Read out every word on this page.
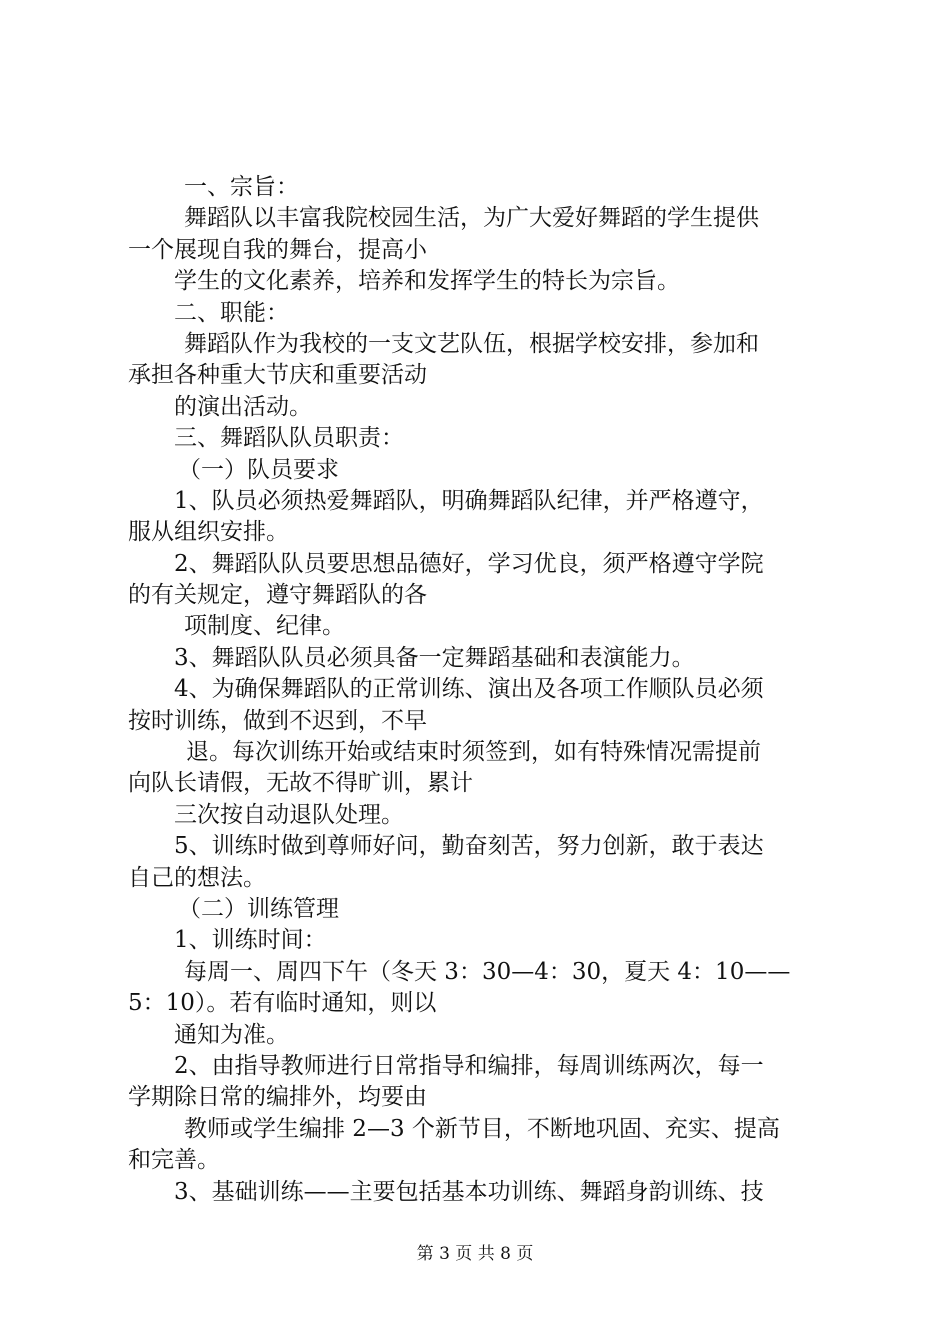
一、宗旨：
舞蹈队以丰富我院校园生活，为广大爱好舞蹈的学生提供
一个展现自我的舞台，提高小
学生的文化素养，培养和发挥学生的特长为宗旨。
二、职能：
舞蹈队作为我校的一支文艺队伍，根据学校安排，参加和
承担各种重大节庆和重要活动
的演出活动。
三、舞蹈队队员职责：
（一）队员要求
1、队员必须热爱舞蹈队，明确舞蹈队纪律，并严格遵守，
服从组织安排。
2、舞蹈队队员要思想品德好，学习优良，须严格遵守学院
的有关规定，遵守舞蹈队的各
项制度、纪律。
3、舞蹈队队员必须具备一定舞蹈基础和表演能力。
4、为确保舞蹈队的正常训练、演出及各项工作顺队员必须
按时训练，做到不迟到，不早
退。每次训练开始或结束时须签到，如有特殊情况需提前
向队长请假，无故不得旷训，累计
三次按自动退队处理。
5、训练时做到尊师好问，勤奋刻苦，努力创新，敢于表达
自己的想法。
（二）训练管理
1、训练时间：
每周一、周四下午（冬天 3：30—4：30，夏天 4：10——
5：10）。若有临时通知，则以
通知为准。
2、由指导教师进行日常指导和编排，每周训练两次，每一
学期除日常的编排外，均要由
教师或学生编排 2—3 个新节目，不断地巩固、充实、提高
和完善。
3、基础训练——主要包括基本功训练、舞蹈身韵训练、技
第 3 页 共 8 页
